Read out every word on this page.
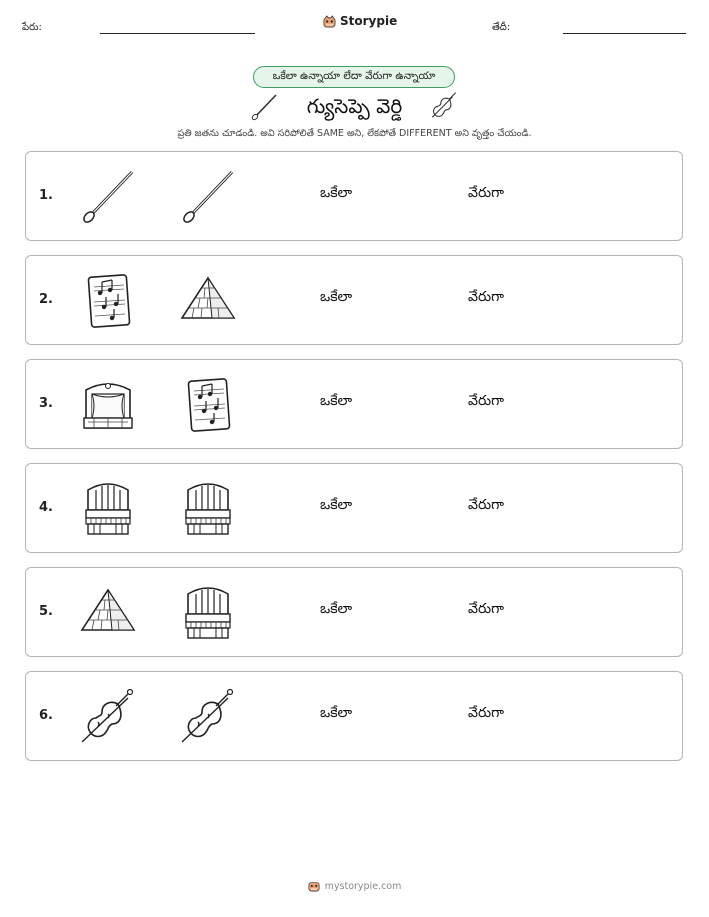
పేరు:	Storypie	తేదీ:
ఒకేలా ఉన్నాయా లేదా వేరుగా ఉన్నాయా
గ్యుసెప్పె వెర్డి
ప్రతి జతను చూడండి. అవి సరిపోలితే SAME అని, లేకపోతే DIFFERENT అని వృత్తం చేయండి.
1.	ఒకేలా	వేరుగా
2.	ఒకేలా	వేరుగా
3.	ఒకేలా	వేరుగా
4.	ఒకేలా	వేరుగా
5.	ఒకేలా	వేరుగా
6.	ఒకేలా	వేరుగా
mystorypie.com
